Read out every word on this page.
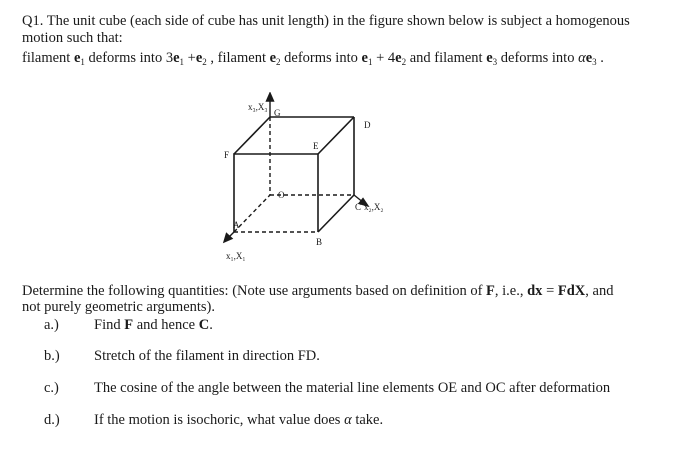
Q1. The unit cube (each side of cube has unit length) in the figure shown below is subject a homogenous
motion such that:
filament $e_1$ deforms into $3e_1 +e_2$ , filament $e_2$ deforms into $e_1 + 4e_2$ and filament $e_3$ deforms into $\alpha e_3$ .
G
D
F
E
O
C
A
B
x₃,X₃
x₂,X₂
x₁,X₁
Determine the following quantities: (Note use arguments based on definition of F, i.e., dx = FdX, and
not purely geometric arguments).
a.) Find F and hence C.
b.) Stretch of the filament in direction FD.
c.) The cosine of the angle between the material line elements OE and OC after deformation
d.) If the motion is isochoric, what value does α take.
